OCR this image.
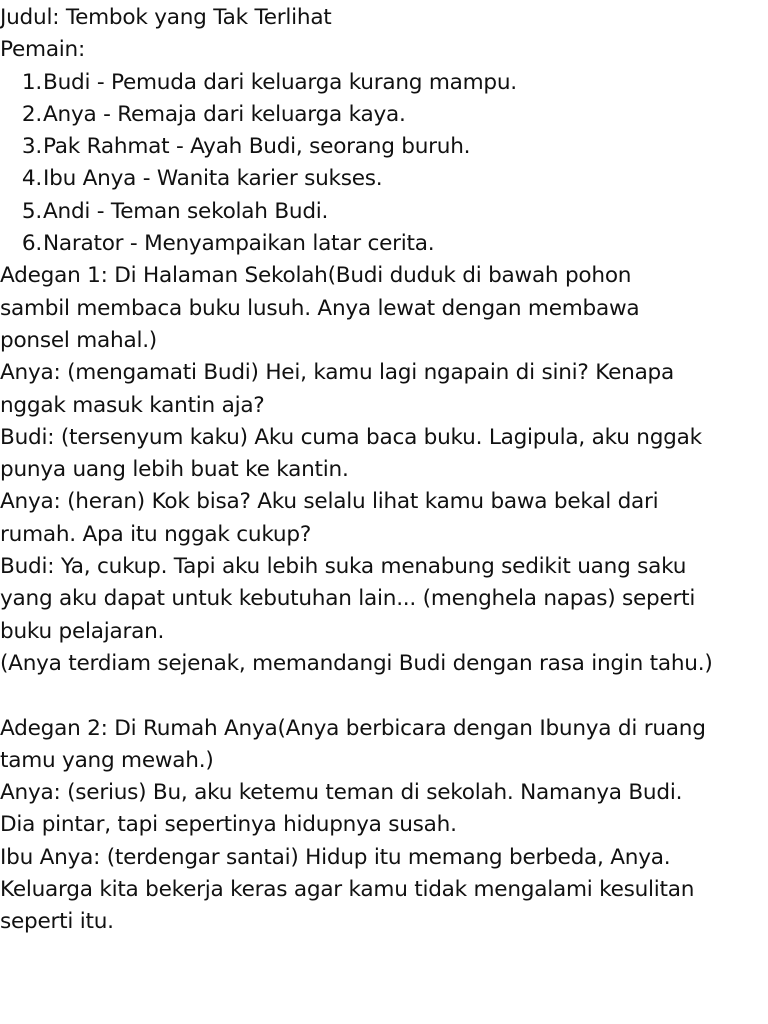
Judul: Tembok yang Tak Terlihat

Pemain:

1. Budi - Pemuda dari keluarga kurang mampu.
2. Anya - Remaja dari keluarga kaya.
3. Pak Rahmat - Ayah Budi, seorang buruh.
4. Ibu Anya - Wanita karier sukses.
5. Andi - Teman sekolah Budi.
6. Narator - Menyampaikan latar cerita.

Adegan 1: Di Halaman Sekolah(Budi duduk di bawah pohon

sambil membaca buku lusuh. Anya lewat dengan membawa

ponsel mahal.)

Anya: (mengamati Budi) Hei, kamu lagi ngapain di sini? Kenapa

nggak masuk kantin aja?

Budi: (tersenyum kaku) Aku cuma baca buku. Lagipula, aku nggak

punya uang lebih buat ke kantin.

Anya: (heran) Kok bisa? Aku selalu lihat kamu bawa bekal dari

rumah. Apa itu nggak cukup?

Budi: Ya, cukup. Tapi aku lebih suka menabung sedikit uang saku

yang aku dapat untuk kebutuhan lain... (menghela napas) seperti

buku pelajaran.

(Anya terdiam sejenak, memandangi Budi dengan rasa ingin tahu.)

Adegan 2: Di Rumah Anya(Anya berbicara dengan Ibunya di ruang

tamu yang mewah.)

Anya: (serius) Bu, aku ketemu teman di sekolah. Namanya Budi.

Dia pintar, tapi sepertinya hidupnya susah.

Ibu Anya: (terdengar santai) Hidup itu memang berbeda, Anya.

Keluarga kita bekerja keras agar kamu tidak mengalami kesulitan

seperti itu.
